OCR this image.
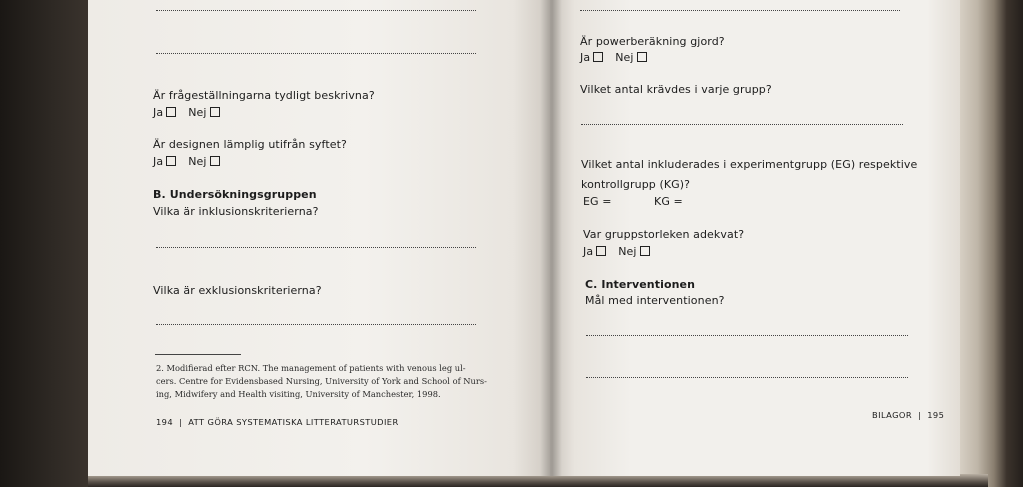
Är frågeställningarna tydligt beskrivna?
Ja Nej
Är designen lämplig utifrån syftet?
Ja Nej
B. Undersökningsgruppen
Vilka är inklusionskriterierna?
Vilka är exklusionskriterierna?
2. Modifierad efter RCN. The management of patients with venous leg ul-
cers. Centre for Evidensbased Nursing, University of York and School of Nurs-
ing, Midwifery and Health visiting, University of Manchester, 1998.
194 | ATT GÖRA SYSTEMATISKA LITTERATURSTUDIER
Är powerberäkning gjord?
Ja Nej
Vilket antal krävdes i varje grupp?
Vilket antal inkluderades i experimentgrupp (EG) respektive
kontrollgrupp (KG)?
EG =	KG =
Var gruppstorleken adekvat?
Ja Nej
C. Interventionen
Mål med interventionen?
BILAGOR | 195
